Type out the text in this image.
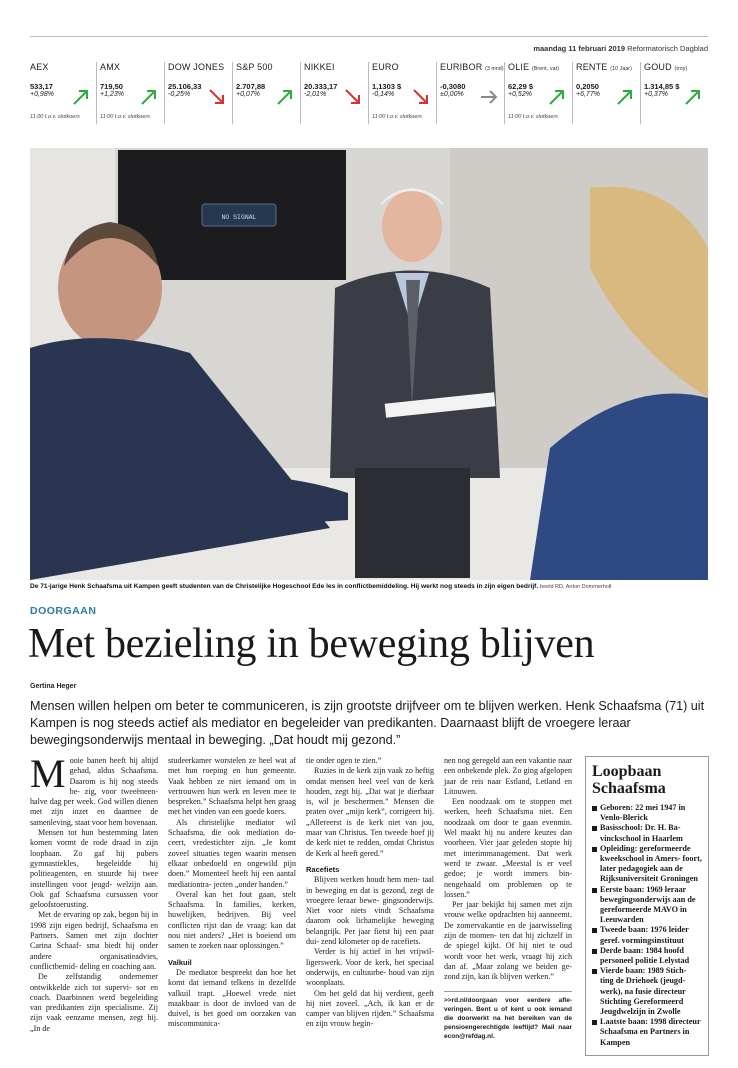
maandag 11 februari 2019 Reformatorisch Dagblad
AEX
533,17
+0,98%
11:00 t.o.v. slotkoers
AMX
719,50
+1,23%
11:00 t.o.v. slotkoers
DOW JONES
25.106,33
-0,25%
S&P 500
2.707,88
+0,07%
NIKKEI
20.333,17
-2,01%
EURO
1,1303 $
-0,14%
11:00 t.o.v. slotkoers
EURIBOR (3 mnd)
-0,3080
±0,00%
OLIE (Brent, vat)
62,29 $
+0,52%
11:00 t.o.v. slotkoers
RENTE (10 Jaar)
0,2050
+6,77%
GOUD (troy)
1.314,85 $
+0,37%
NO SIGNAL
De 71-jarige Henk Schaafsma uit Kampen geeft studenten van de Christelijke Hogeschool Ede les in conflictbemiddeling. Hij werkt nog steeds in zijn eigen bedrijf. beeld RD, Anton Dommerholt
DOORGAAN
Met bezieling in beweging blijven
Gertina Heger
Mensen willen helpen om beter te communiceren, is zijn grootste drijfveer om te blijven werken. Henk Schaafsma (71) uit Kampen is nog steeds actief als mediator en begeleider van predikanten. Daarnaast blijft de vroegere leraar bewegingsonderwijs mentaal in beweging. „Dat houdt mij gezond.”
M ooie banen heeft hij altijd gehad, aldus Schaafsma. Daarom is hij nog steeds be- zig, voor tweeëneen- halve dag per week. God willen dienen met zijn inzet en daarmee de samenleving, staat voor hem bovenaan.

Mensen tot hun bestemming laten komen vormt de rode draad in zijn loopbaan. Zo gaf hij pubers gymnastiekles, begeleidde hij politieagenten, en stuurde hij twee instellingen voor jeugd- welzijn aan. Ook gaf Schaafsma cursussen voor geloofstoerusting.

Met de ervaring op zak, begon hij in 1998 zijn eigen bedrijf, Schaafsma en Partners. Samen met zijn dochter Carina Schaaf- sma biedt hij onder andere organisatieadvies, conflictbemid- deling en coaching aan.

De zelfstandig ondernemer ontwikkelde zich tot supervi- sor en coach. Daarbinnen werd begeleiding van predikanten zijn specialisme. Zij zijn vaak eenzame mensen, zegt hij. „In de

studeerkamer worstelen ze heel wat af met hun roeping en hun gemeente. Vaak hebben ze niet iemand om in vertrouwen hun werk en leven mee te bespreken.” Schaafsma helpt hen graag met het vinden van een goede koers.

Als christelijke mediator wil Schaafsma, die ook mediation do- ceert, vredestichter zijn. „Je komt zoveel situaties tegen waarin mensen elkaar onbedoeld en ongewild pijn doen.” Momenteel heeft hij een aantal mediationtra- jecten „onder handen.”

Overal kan het fout gaan, stelt Schaafsma. In families, kerken, huwelijken, bedrijven. Bij veel conflicten rijst dan de vraag: kan dat nou niet anders? „Het is boeiend om samen te zoeken naar oplossingen.”

Valkuil

De mediator bespreekt dan hoe het komt dat iemand telkens in dezelfde valkuil trapt. „Hoewel vrede niet maakbaar is door de invloed van de duivel, is het goed om oorzaken van miscommunica-

tie onder ogen te zien.”

Ruzies in de kerk zijn vaak zo heftig omdat mensen heel veel van de kerk houden, zegt hij. „Dat wat je dierbaar is, wil je beschermen.” Mensen die praten over „mijn kerk”, corrigeert hij. „Allereerst is de kerk niet van jou, maar van Christus. Ten tweede hoef jij de kerk niet te redden, omdat Christus de Kerk al heeft gered.”

Racefiets

Blijven werken houdt hem men- taal in beweging en dat is gezond, zegt de vroegere leraar bewe- gingsonderwijs. Niet voor niets vindt Schaafsma daarom ook lichamelijke beweging belangrijk. Per jaar fietst hij een paar dui- zend kilometer op de racefiets.

Verder is hij actief in het vrijwil- ligerswerk. Voor de kerk, het speciaal onderwijs, en cultuurbe- houd van zijn woonplaats.

Om het geld dat hij verdient, geeft hij niet zoveel. „Ach, ik kan er de camper van blijven rijden.” Schaafsma en zijn vrouw begin-

nen nog geregeld aan een vakantie naar een onbekende plek. Zo ging afgelopen jaar de reis naar Estland, Letland en Litouwen.

Een noodzaak om te stoppen met werken, heeft Schaafsma niet. Een noodzaak om door te gaan evenmin. Wel maakt hij nu andere keuzes dan voorheen. Vier jaar geleden stopte hij met interimmanagement. Dat werk werd te zwaar. „Meestal is er veel gedoe; je wordt immers bin- nengehaald om problemen op te lossen.”

Per jaar bekijkt hij samen met zijn vrouw welke opdrachten hij aanneemt. De zomervakantie en de jaarwisseling zijn de momen- ten dat hij zichzelf in de spiegel kijkt. Of hij niet te oud wordt voor het werk, vraagt hij zich dan af. „Maar zolang we beiden ge- zond zijn, kan ik blijven werken.”

>>rd.nl/doorgaan voor eerdere afle- veringen. Bent u of kent u ook iemand die doorwerkt na het bereiken van de pensioengerechtigde leeftijd? Mail naar econ@refdag.nl.
Loopbaan Schaafsma
Geboren: 22 mei 1947 in Venlo-Blerick
Basisschool: Dr. H. Ba- vinckschool in Haarlem
Opleiding: gereformeerde kweekschool in Amers- foort, later pedagogiek aan de Rijksuniversiteit Groningen
Eerste baan: 1969 leraar bewegingsonderwijs aan de gereformeerde MAVO in Leeuwarden
Tweede baan: 1976 leider geref. vormingsinstituut
Derde baan: 1984 hoofd personeel politie Lelystad
Vierde baan: 1989 Stich- ting de Driehoek (jeugd- werk), na fusie directeur Stichting Gereformeerd Jeugdwelzijn in Zwolle
Laatste baan: 1998 directeur Schaafsma en Partners in Kampen
